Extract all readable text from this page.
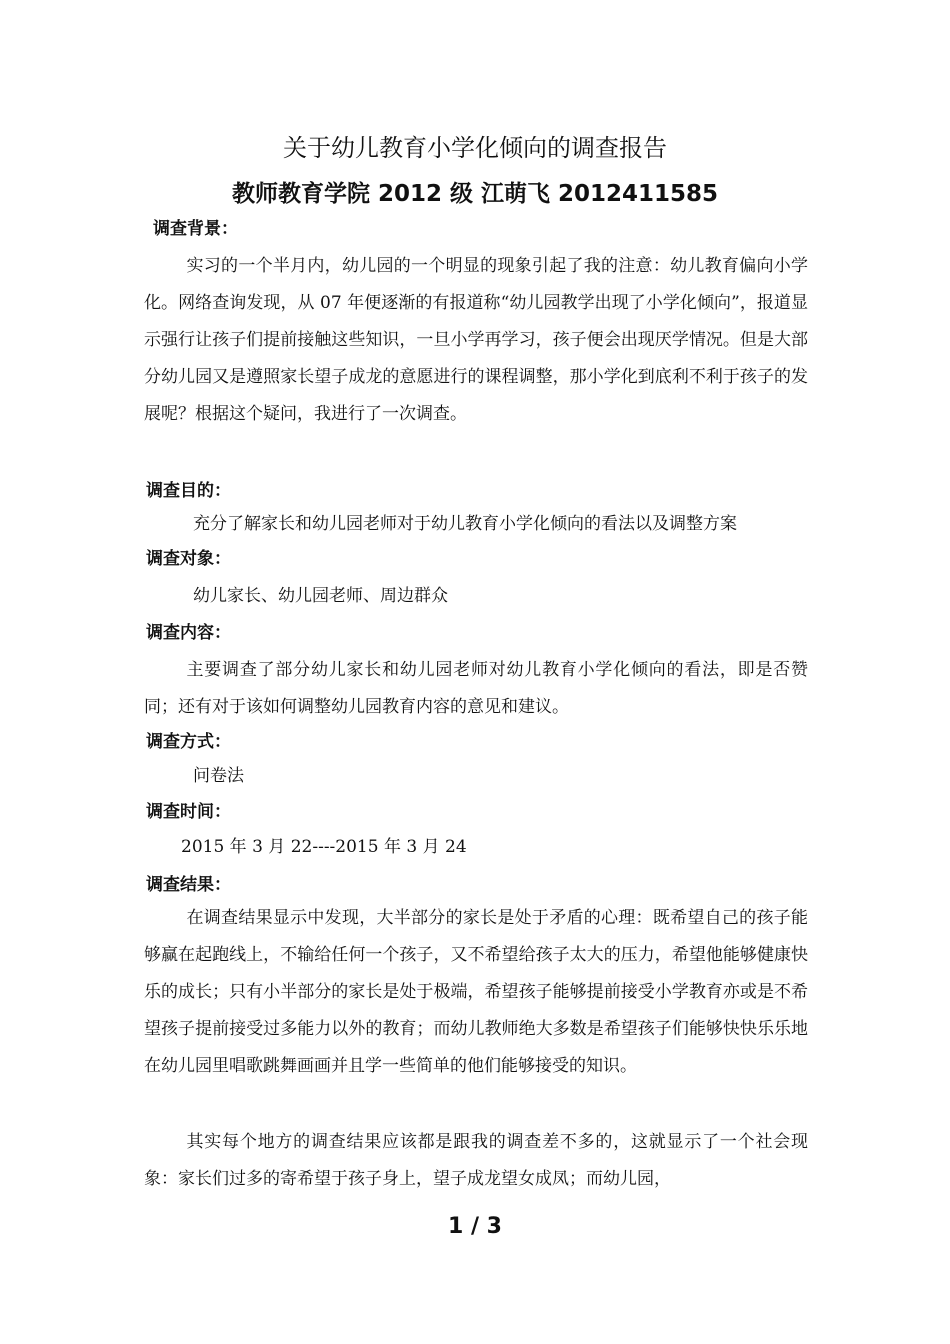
关于幼儿教育小学化倾向的调查报告
教师教育学院 2012 级 江萌飞 2012411585
调查背景：

实习的一个半月内，幼儿园的一个明显的现象引起了我的注意：幼儿教育偏向小学化。网络查询发现，从 07 年便逐渐的有报道称“幼儿园教学出现了小学化倾向”，报道显示强行让孩子们提前接触这些知识，一旦小学再学习，孩子便会出现厌学情况。但是大部分幼儿园又是遵照家长望子成龙的意愿进行的课程调整，那小学化到底利不利于孩子的发展呢？根据这个疑问，我进行了一次调查。

调查目的：

充分了解家长和幼儿园老师对于幼儿教育小学化倾向的看法以及调整方案

调查对象：

幼儿家长、幼儿园老师、周边群众

调查内容：

主要调查了部分幼儿家长和幼儿园老师对幼儿教育小学化倾向的看法，即是否赞同；还有对于该如何调整幼儿园教育内容的意见和建议。

调查方式：

问卷法

调查时间：

2015 年 3 月 22----2015 年 3 月 24

调查结果：

在调查结果显示中发现，大半部分的家长是处于矛盾的心理：既希望自己的孩子能够赢在起跑线上，不输给任何一个孩子，又不希望给孩子太大的压力，希望他能够健康快乐的成长；只有小半部分的家长是处于极端，希望孩子能够提前接受小学教育亦或是不希望孩子提前接受过多能力以外的教育；而幼儿教师绝大多数是希望孩子们能够快快乐乐地在幼儿园里唱歌跳舞画画并且学一些简单的他们能够接受的知识。

其实每个地方的调查结果应该都是跟我的调查差不多的，这就显示了一个社会现象：家长们过多的寄希望于孩子身上，望子成龙望女成凤；而幼儿园，

1 / 3
